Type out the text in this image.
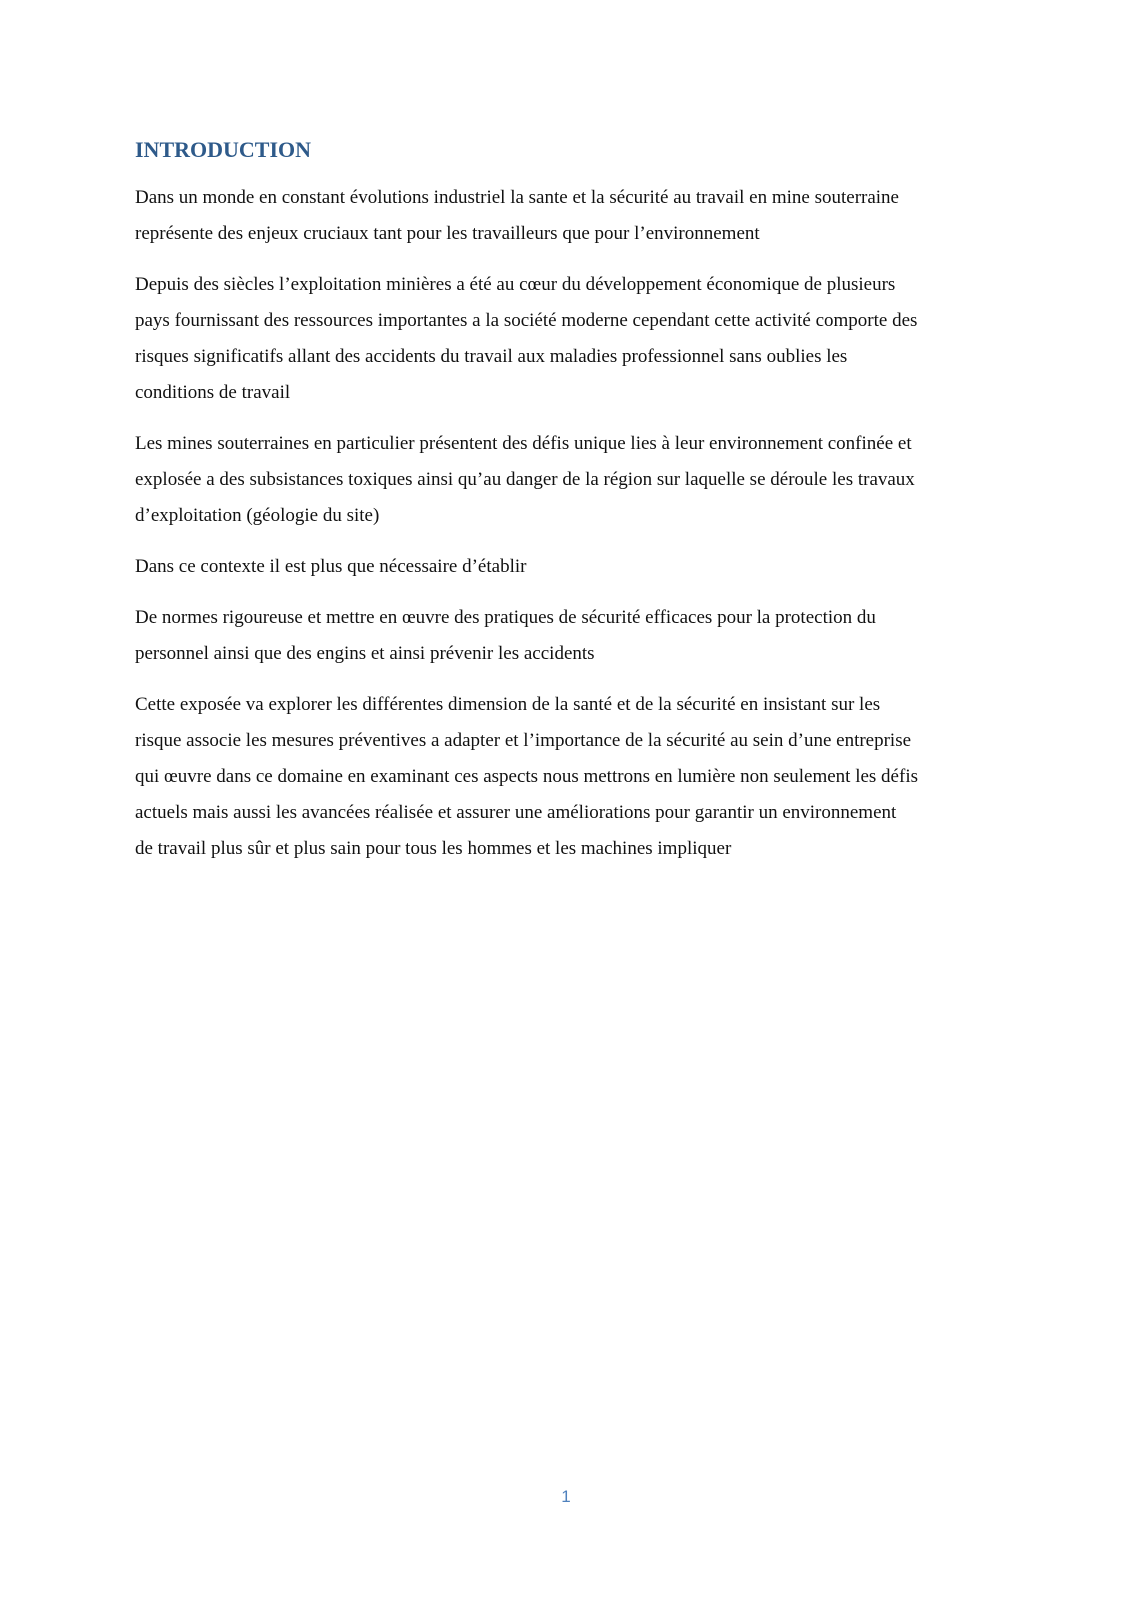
INTRODUCTION

Dans un monde en constant évolutions industriel la sante et la sécurité au travail en mine souterraine
représente des enjeux cruciaux tant pour les travailleurs que pour l’environnement

Depuis des siècles l’exploitation minières a été au cœur du développement économique de plusieurs
pays fournissant des ressources importantes a la société moderne cependant cette activité comporte des
risques significatifs allant des accidents du travail aux maladies professionnel sans oublies les
conditions de travail

Les mines souterraines en particulier présentent des défis unique lies à leur environnement confinée et
explosée a des subsistances toxiques ainsi qu’au danger de la région sur laquelle se déroule les travaux
d’exploitation (géologie du site)

Dans ce contexte il est plus que nécessaire d’établir

De normes rigoureuse et mettre en œuvre des pratiques de sécurité efficaces pour la protection du
personnel ainsi que des engins et ainsi prévenir les accidents

Cette exposée va explorer les différentes dimension de la santé et de la sécurité en insistant sur les
risque associe les mesures préventives a adapter et l’importance de la sécurité au sein d’une entreprise
qui œuvre dans ce domaine en examinant ces aspects nous mettrons en lumière non seulement les défis
actuels mais aussi les avancées réalisée et assurer une améliorations pour garantir un environnement
de travail plus sûr et plus sain pour tous les hommes et les machines impliquer

1
